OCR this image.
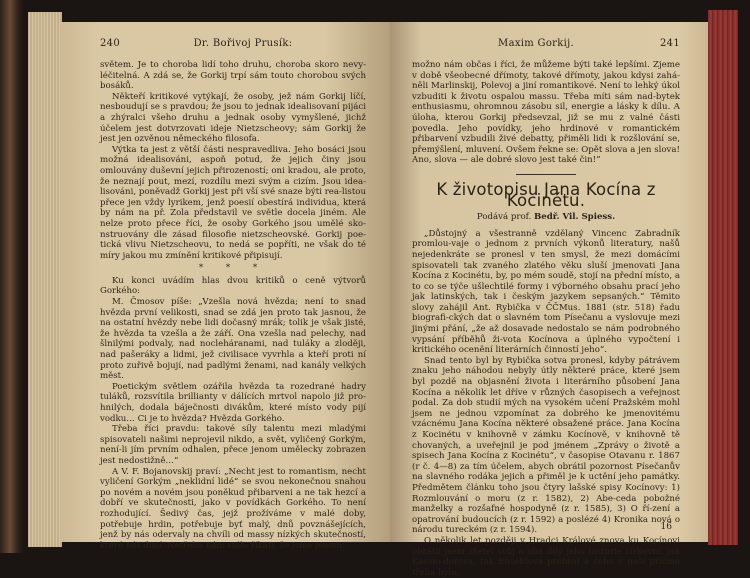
240	Dr. Bořivoj Prusík:

světem. Je to choroba lidí toho druhu, choroba skoro nevy-léčitelná. A zdá se, že Gorkij trpí sám touto chorobou svých bosáků.

Někteří kritikové vytýkají, že osoby, jež nám Gorkij líčí, nesboudují se s pravdou; že jsou to jednak idealisovaní pijáci a zhýralci všeho druhu a jednak osoby vymyšlené, jichž účelem jest dotvrzovati ideje Nietzscheovy; sám Gorkij že jest jen ozvěnou německého filosofa.

Výtka ta jest z větší části nespravedliva. Jeho bosáci jsou možná idealisováni, aspoň potud, že jejich činy jsou omlouvány duševní jejich přirozeností; oni kradou, ale proto, že neznají pout, mezí, rozdílu mezi svým a cizím. Jsou idea-lisováni, poněvadž Gorkij jest při vší své snaze býti rea-listou přece jen vždy lyrikem, jenž poesií obestírá individua, která by nám na př. Zola představil ve světle docela jiném. Ale nelze proto přece říci, že osoby Gorkého jsou umělé sko-nstruovány dle zásad filosofie nietzscheovské. Gorkij poe-tická vlivu Nietzscheovu, to nedá se popříti, ne však do té míry jakou mu zmínění kritikové připisují.

* * *

Ku konci uvádím hlas dvou kritiků o ceně výtvorů Gorkého:

M. Čmosov píše: „Vzešla nová hvězda; není to snad hvězda první velikosti, snad se zdá jen proto tak jasnou, že na ostatní hvězdy nebe lidi dočasný mrák; tolik je však jisté, že hvězda ta vzešla a že září. Ona vzešla nad pelechy, nad šlnilými podvaly, nad nocleháranami, nad tuláky a zloději, nad pašeráky a lidmi, jež civilisace vyvrhla a kteří proti ní proto zuřivě bojují, nad padlými ženami, nad kanály velkých měst.

Poetickým světlem ozářila hvězda ta rozedrané hadry tuláků, rozsvítila brillianty v dálících mrtvol napolo již pro-hnilých, dodala báječnosti divákům, které místo vody pijí vodku… Ci je to hvězda? Hvězda Gorkého.

Třeba říci pravdu: takové síly talentu mezi mladými spisovateli našimi neprojevil nikdo, a svět, vyličený Gorkým, není-li jím prvním odhalen, přece jenom umělecky zobrazen jest nedostižně…“

A V. F. Bojanovskij praví: „Necht jest to romantism, necht vyličení Gorkým „neklidní lidé“ se svou nekonečnou snahou po novém a novém jsou poněkud přibarveni a ne tak hezcí a dobří ve skutečnosti, jako v povídkách Gorkého. To není rozhodující. Šedivý čas, jejž prožíváme v malé doby, potřebuje hrdin, potřebuje byť malý, dnů povznášejících, jenž by nás odervaly na chvíli od massy nízkých skutečností, které nás dusí. Netřeba nám stále říkati, že jsme jenom

Maxim Gorkij.	241

možno nám občas i říci, že můžeme býti také lepšími. Zjeme v době všeobecné dřímoty, takové dřímoty, jakou kdysi zahá-něli Marlinskij, Polevoj a jiní romantikové. Není to lehký úkol vzbuditi k životu ospalou massu. Třeba míti sám nad-bytek enthusiasmu, ohromnou zásobu sil, energie a lásky k dílu. A úloha, kterou Gorkij předsevzal, již se mu z valné části povedla. Jeho povídky, jeho hrdinové v romantickém přibarvení vzbudili živé debatty, přiměli lidi k rozšlování se, přemýšlení, mluvení. Ovšem řekne se: Opět slova a jen slova! Ano, slova — ale dobré slovo jest také čin!“

K životopisu Jana Kocína z Kocinétu.
Podává prof. Bedř. Vil. Spiess.

„Důstojný a všestranně vzdělaný Vincenc Zabradník promlou-vaje o jednom z prvních výkonů literatury, našů nejedenkráte se pronesl v ten smysl, že mezi domácími spisovateli tak zvaného zlatého věku sluší jmenovati Jana Kocína z Kocinétu, by, po mém soudě, stojí na přední místo, a to co se týče ušlechtilé formy i výborného obsahu prací jeho jak latinských, tak i českým jazykem sepsaných.“ Těmito slovy zahájil Ant. Rybička v ČČMus. 1881 (str. 518) řadu biografi-ckých dat o slavném tom Písečanu a vyslovuje mezi jinými přání, „že až dosavade nedostalo se nám podrobného vypsání příběhů ži-vota Kocínova a úplného vypočtení i kritického ocenění literárních činností jeho“.

Snad tento byl by Rybička sotva pronesl, kdyby pátrávem znaku jeho náhodou nebyly útly některé práce, které jsem byl pozdě na objasnění života i literárního působení Jana Kocína a několik let dříve v různých časopisech a veřejnost podal. Za dob studií mých na vysokém učení Pražském mohl jsem ne jednou vzpomínat za dobrého ke jmenovitému vzácnému Jana Kocína některé obsažené práce. Jana Kocína z Kocinétu v knihovně v zámku Kocínově, v knihovně tě chovaných, a uveřejnil je pod jménem „Zprávy o životě a spisech Jana Kocína z Kocinétu“, v časopise Otavanu r. 1867 (r č. 4—8) za tím účelem, abych obrátil pozornost Písečanův na slavného rodáka jejich a přiměl je k uctění jeho památky. Předmětem článku toho jsou čtyry lašské spisy Kocínovy: 1) Rozmlouvání o moru (z r. 1582), 2) Abe-ceda pobožné manželky a rozšafné hospodyně (z r. 1585), 3) O ří-zení a opatrování budoucích (z r. 1592) a poslézé 4) Kronika nová o národu tureckém (z r. 1594).

O několik let později v Hradci Králové znova ku Kocínovi obrátil jsem zřetel svůj a oba díly jeho historie církevní, jak Kassio-dorova, tak Eusebiova probral a čeho v naší příčině třeba bylo,

16
